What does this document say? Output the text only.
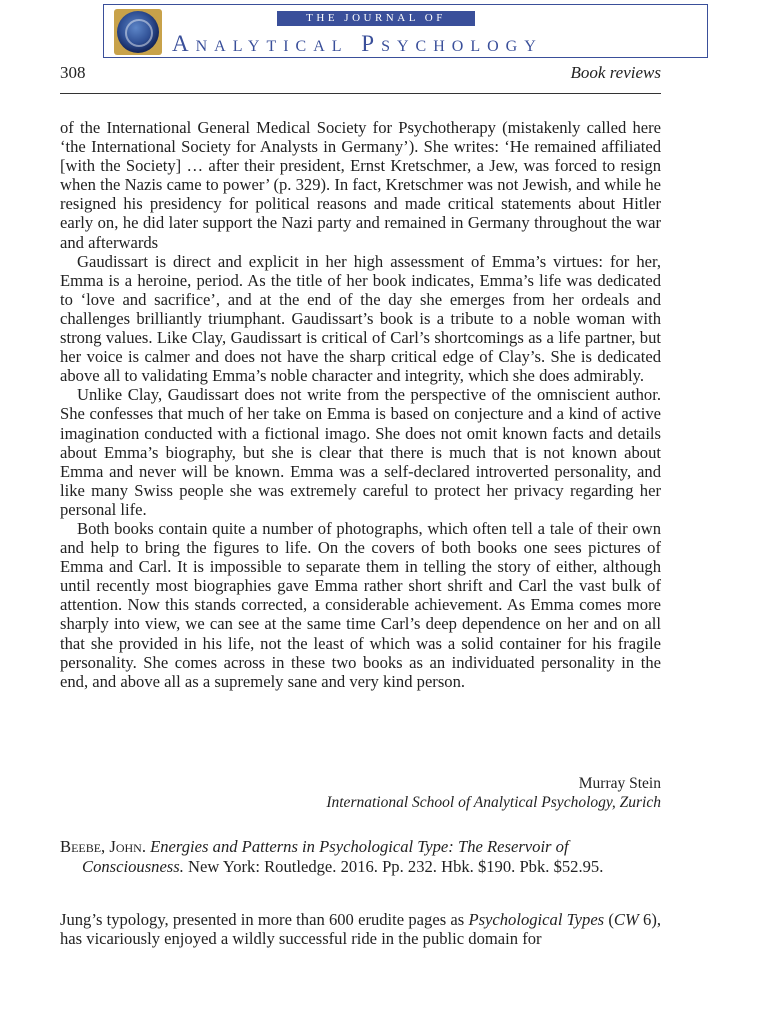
THE JOURNAL OF
Analytical Psychology
308	Book reviews

of the International General Medical Society for Psychotherapy (mistakenly called here ‘the International Society for Analysts in Germany’). She writes: ‘He remained affiliated [with the Society] … after their president, Ernst Kretschmer, a Jew, was forced to resign when the Nazis came to power’ (p. 329). In fact, Kretschmer was not Jewish, and while he resigned his presidency for political reasons and made critical statements about Hitler early on, he did later support the Nazi party and remained in Germany throughout the war and afterwards

Gaudissart is direct and explicit in her high assessment of Emma’s virtues: for her, Emma is a heroine, period. As the title of her book indicates, Emma’s life was dedicated to ‘love and sacrifice’, and at the end of the day she emerges from her ordeals and challenges brilliantly triumphant. Gaudissart’s book is a tribute to a noble woman with strong values. Like Clay, Gaudissart is critical of Carl’s shortcomings as a life partner, but her voice is calmer and does not have the sharp critical edge of Clay’s. She is dedicated above all to validating Emma’s noble character and integrity, which she does admirably.

Unlike Clay, Gaudissart does not write from the perspective of the omniscient author. She confesses that much of her take on Emma is based on conjecture and a kind of active imagination conducted with a fictional imago. She does not omit known facts and details about Emma’s biography, but she is clear that there is much that is not known about Emma and never will be known. Emma was a self-declared introverted personality, and like many Swiss people she was extremely careful to protect her privacy regarding her personal life.

Both books contain quite a number of photographs, which often tell a tale of their own and help to bring the figures to life. On the covers of both books one sees pictures of Emma and Carl. It is impossible to separate them in telling the story of either, although until recently most biographies gave Emma rather short shrift and Carl the vast bulk of attention. Now this stands corrected, a considerable achievement. As Emma comes more sharply into view, we can see at the same time Carl’s deep dependence on her and on all that she provided in his life, not the least of which was a solid container for his fragile personality. She comes across in these two books as an individuated personality in the end, and above all as a supremely sane and very kind person.

Murray Stein
International School of Analytical Psychology, Zurich
Beebe, John. Energies and Patterns in Psychological Type: The Reservoir of Consciousness. New York: Routledge. 2016. Pp. 232. Hbk. $190. Pbk. $52.95.
Jung’s typology, presented in more than 600 erudite pages as Psychological Types (CW 6), has vicariously enjoyed a wildly successful ride in the public domain for
